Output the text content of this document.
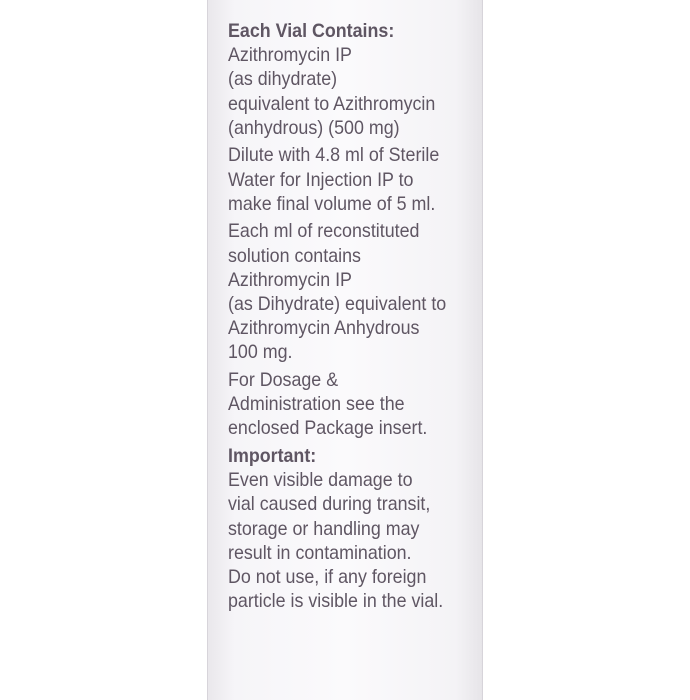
Each Vial Contains:
Azithromycin IP
(as dihydrate)
equivalent to Azithromycin
(anhydrous) (500 mg)
Dilute with 4.8 ml of Sterile
Water for Injection IP to
make final volume of 5 ml.
Each ml of reconstituted
solution contains
Azithromycin IP
(as Dihydrate) equivalent to
Azithromycin Anhydrous
100 mg.
For Dosage &
Administration see the
enclosed Package insert.
Important:
Even visible damage to
vial caused during transit,
storage or handling may
result in contamination.
Do not use, if any foreign
particle is visible in the vial.
